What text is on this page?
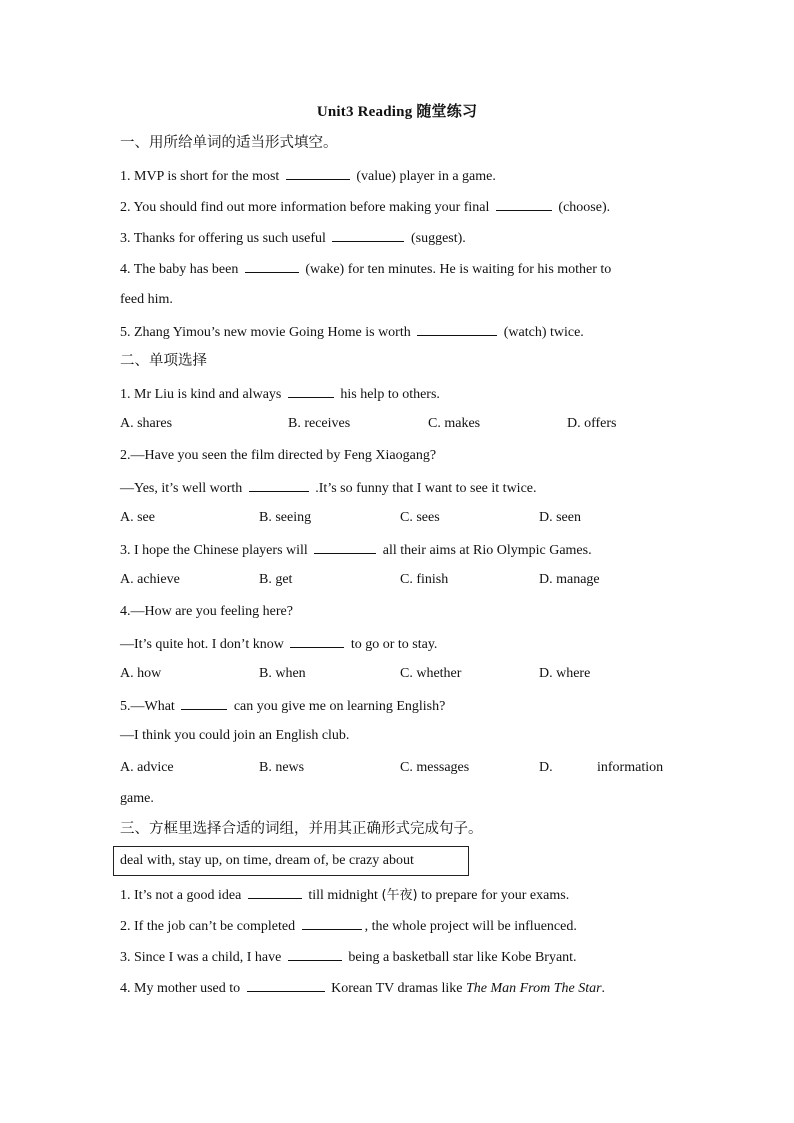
Unit3 Reading 随堂练习
一、用所给单词的适当形式填空。
1. MVP is short for the most	(value) player in a game.
2. You should find out more information before making your final	(choose).
3. Thanks for offering us such useful	(suggest).
4. The baby has been	(wake) for ten minutes. He is waiting for his mother to
feed him.
5. Zhang Yimou’s new movie Going Home is worth	(watch) twice.
二、单项选择
1. Mr Liu is kind and always	his help to others.
A. shares	B. receives	C. makes	D. offers
2.—Have you seen the film directed by Feng Xiaogang?
—Yes, it’s well worth	.It’s so funny that I want to see it twice.
A. see	B. seeing	C. sees	D. seen
3. I hope the Chinese players will	all their aims at Rio Olympic Games.
A. achieve	B. get	C. finish	D. manage
4.—How are you feeling here?
—It’s quite hot. I don’t know	to go or to stay.
A. how	B. when	C. whether	D. where
5.—What	can you give me on learning English?
—I think you could join an English club.
A. advice	B. news	C. messages	D.	information
game.
三、方框里选择合适的词组，并用其正确形式完成句子。
deal with, stay up, on time, dream of, be crazy about
1. It’s not a good idea	till midnight (午夜) to prepare for your exams.
2. If the job can’t be completed	, the whole project will be influenced.
3. Since I was a child, I have	being a basketball star like Kobe Bryant.
4. My mother used to	Korean TV dramas like The Man From The Star.
